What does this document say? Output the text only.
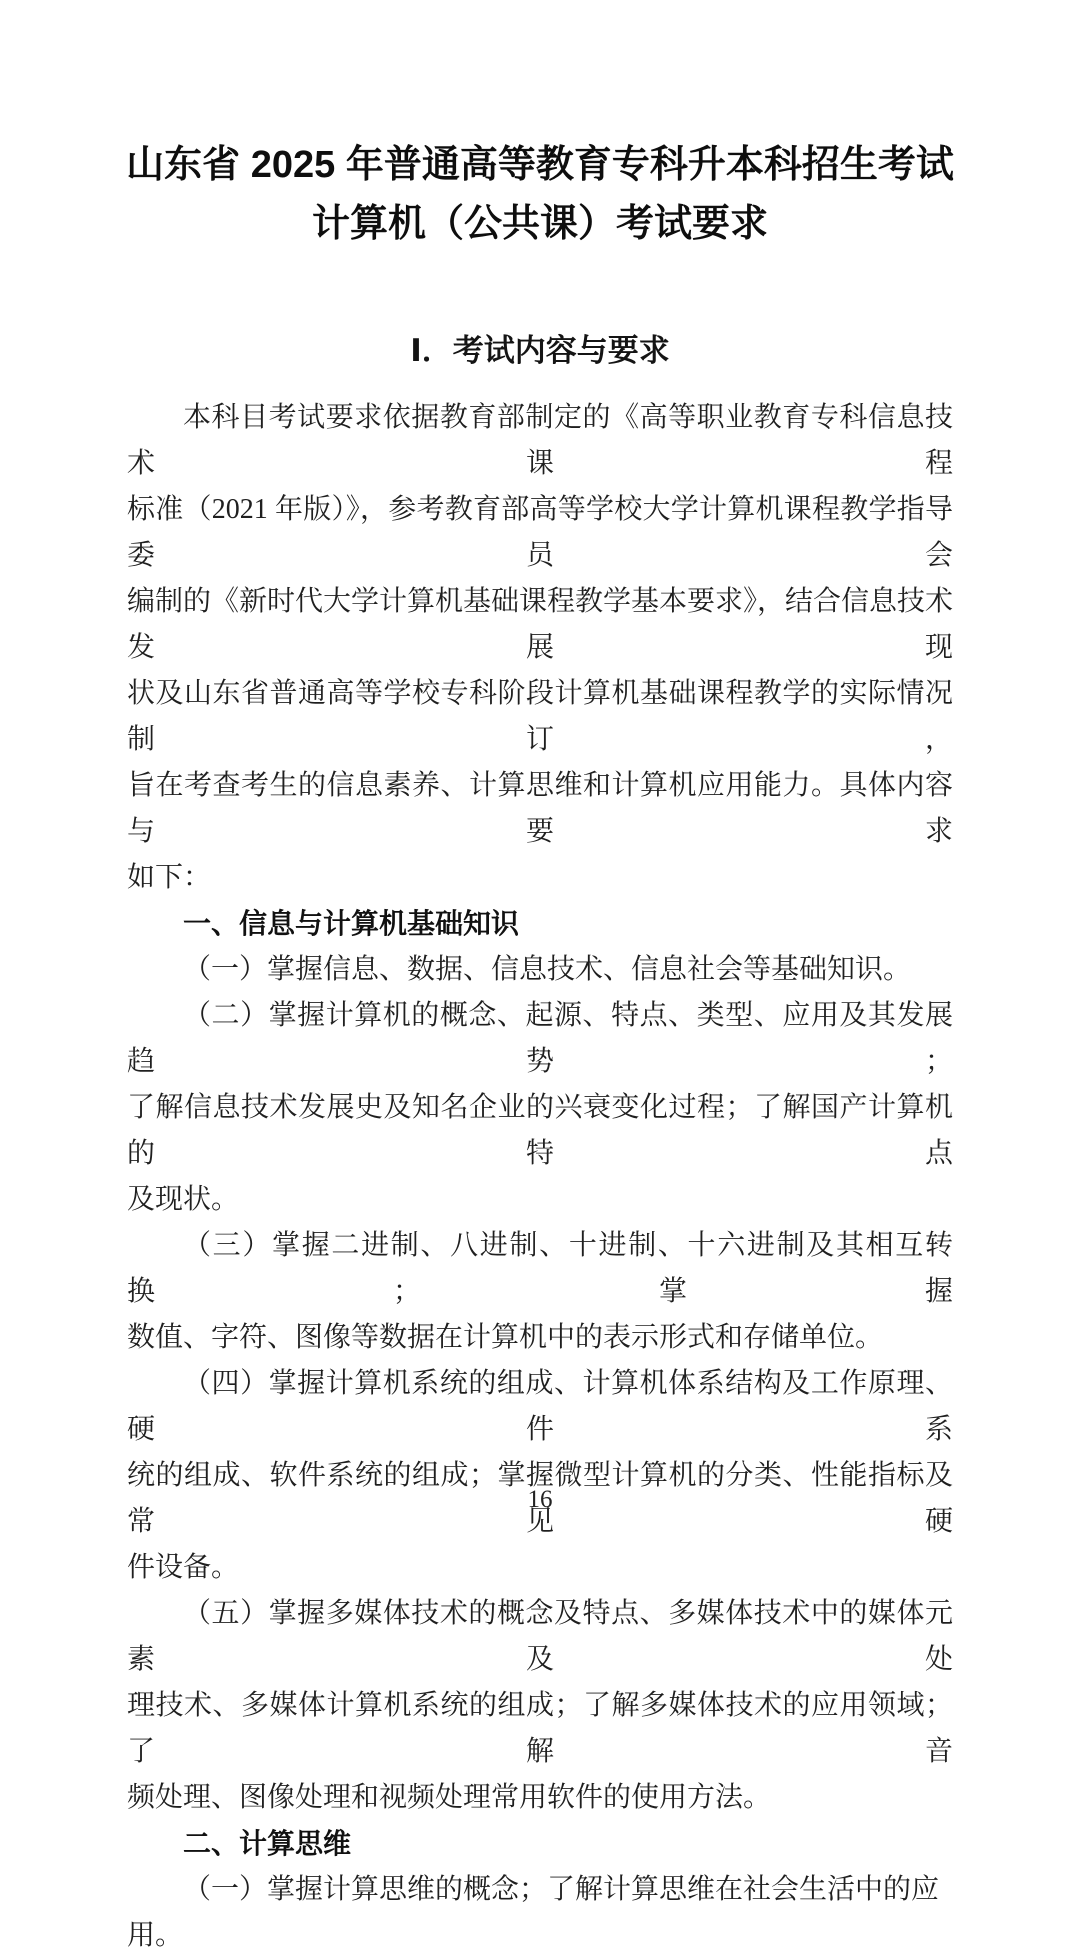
山东省 2025 年普通高等教育专科升本科招生考试
计算机（公共课）考试要求
Ⅰ．考试内容与要求
本科目考试要求依据教育部制定的《高等职业教育专科信息技术课程
标准（2021 年版）》，参考教育部高等学校大学计算机课程教学指导委员会
编制的《新时代大学计算机基础课程教学基本要求》，结合信息技术发展现
状及山东省普通高等学校专科阶段计算机基础课程教学的实际情况制订，
旨在考查考生的信息素养、计算思维和计算机应用能力。具体内容与要求
如下：
一、信息与计算机基础知识
（一）掌握信息、数据、信息技术、信息社会等基础知识。
（二）掌握计算机的概念、起源、特点、类型、应用及其发展趋势；
了解信息技术发展史及知名企业的兴衰变化过程；了解国产计算机的特点
及现状。
（三）掌握二进制、八进制、十进制、十六进制及其相互转换；掌握
数值、字符、图像等数据在计算机中的表示形式和存储单位。
（四）掌握计算机系统的组成、计算机体系结构及工作原理、硬件系
统的组成、软件系统的组成；掌握微型计算机的分类、性能指标及常见硬
件设备。
（五）掌握多媒体技术的概念及特点、多媒体技术中的媒体元素及处
理技术、多媒体计算机系统的组成；了解多媒体技术的应用领域；了解音
频处理、图像处理和视频处理常用软件的使用方法。
二、计算思维
（一）掌握计算思维的概念；了解计算思维在社会生活中的应用。
16
